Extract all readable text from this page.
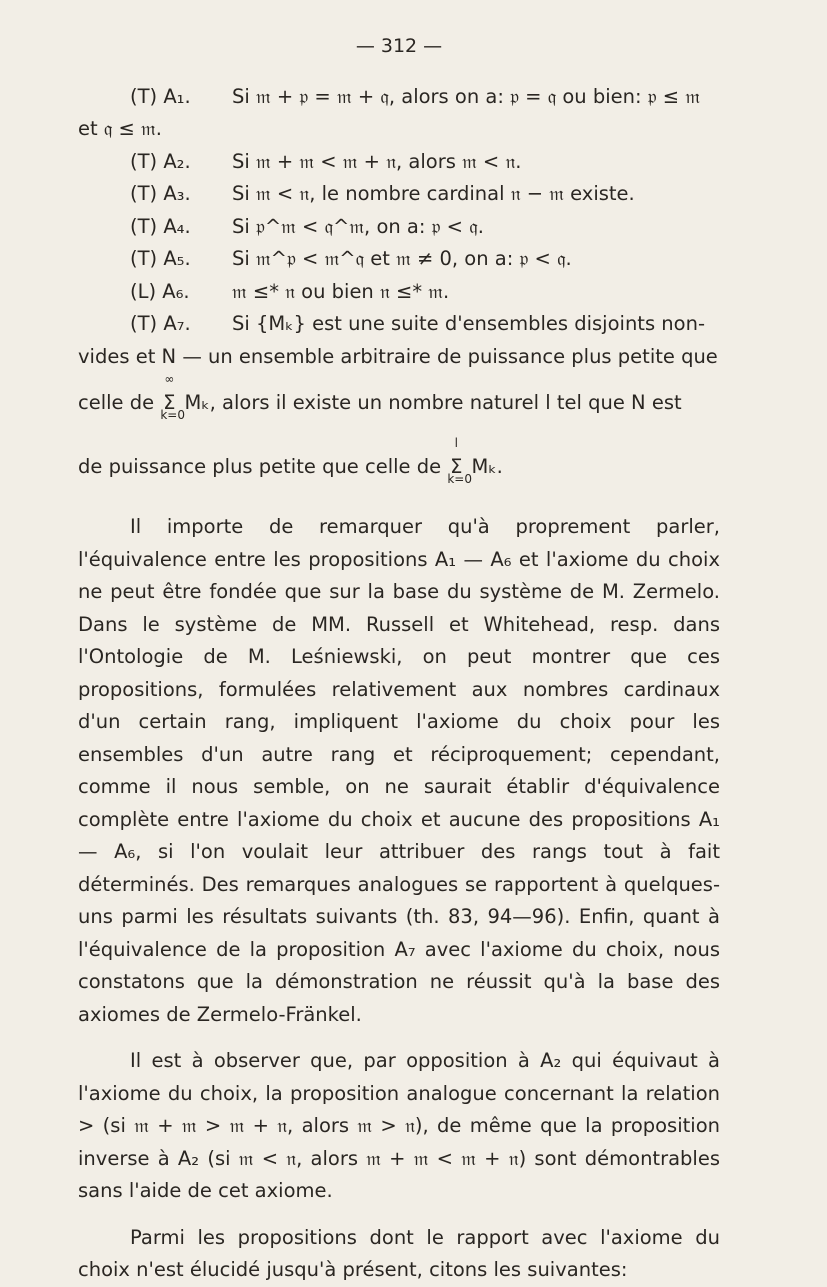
— 312 —
(T) A₁. Si 𝔪 + 𝔭 = 𝔪 + 𝔮, alors on a: 𝔭 = 𝔮 ou bien: 𝔭 ≤ 𝔪
et 𝔮 ≤ 𝔪.
(T) A₂. Si 𝔪 + 𝔪 < 𝔪 + 𝔫, alors 𝔪 < 𝔫.
(T) A₃. Si 𝔪 < 𝔫, le nombre cardinal 𝔫 − 𝔪 existe.
(T) A₄. Si 𝔭^𝔪 < 𝔮^𝔪, on a: 𝔭 < 𝔮.
(T) A₅. Si 𝔪^𝔭 < 𝔪^𝔮 et 𝔪 ≠ 0, on a: 𝔭 < 𝔮.
(L) A₆. 𝔪 ≤* 𝔫 ou bien 𝔫 ≤* 𝔪.
(T) A₇. Si {Mₖ} est une suite d'ensembles disjoints non-
vides et N — un ensemble arbitraire de puissance plus petite que
celle de
∞
Σ
k=0
Mₖ, alors il existe un nombre naturel l tel que N est
de puissance plus petite que celle de
l
Σ
k=0
Mₖ.

Il importe de remarquer qu'à proprement parler, l'équivalence entre les propositions A₁ — A₆ et l'axiome du choix ne peut être fondée que sur la base du système de M. Zermelo. Dans le système de MM. Russell et Whitehead, resp. dans l'Ontologie de M. Leśniewski, on peut montrer que ces propositions, formulées relativement aux nombres cardinaux d'un certain rang, impliquent l'axiome du choix pour les ensembles d'un autre rang et réciproquement; cependant, comme il nous semble, on ne saurait établir d'équivalence complète entre l'axiome du choix et aucune des propositions A₁ — A₆, si l'on voulait leur attribuer des rangs tout à fait déterminés. Des remarques analogues se rapportent à quelques-uns parmi les résultats suivants (th. 83, 94—96). Enfin, quant à l'équivalence de la proposition A₇ avec l'axiome du choix, nous constatons que la démonstration ne réussit qu'à la base des axiomes de Zermelo-Fränkel.

Il est à observer que, par opposition à A₂ qui équivaut à l'axiome du choix, la proposition analogue concernant la relation > (si 𝔪 + 𝔪 > 𝔪 + 𝔫, alors 𝔪 > 𝔫), de même que la proposition inverse à A₂ (si 𝔪 < 𝔫, alors 𝔪 + 𝔪 < 𝔪 + 𝔫) sont démontrables sans l'aide de cet axiome.

Parmi les propositions dont le rapport avec l'axiome du choix n'est élucidé jusqu'à présent, citons les suivantes:
